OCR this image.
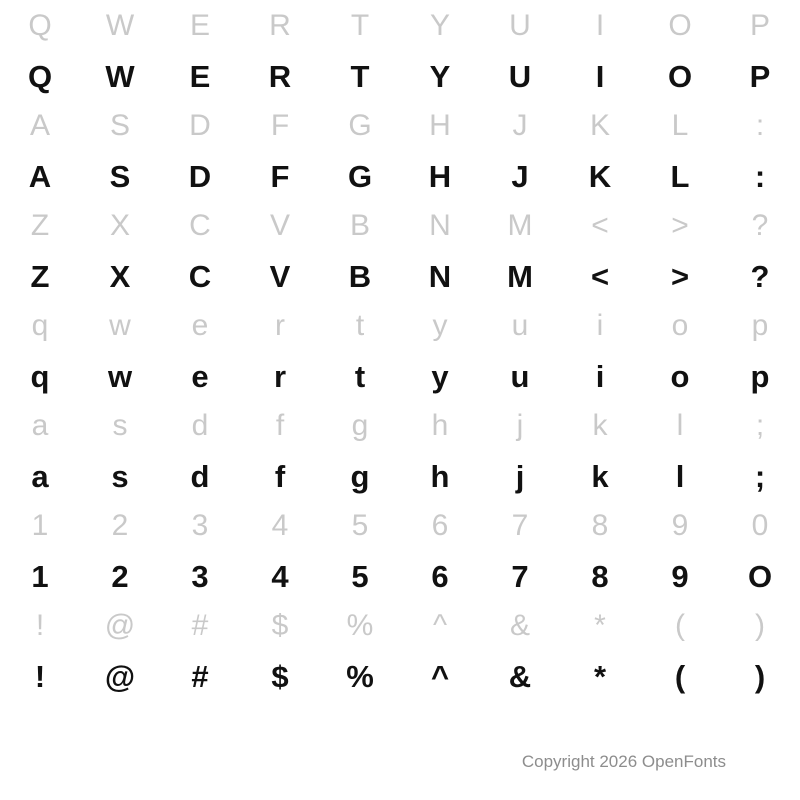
Q	W	E	R	T	Y	U	I	O	P
Q	W	E	R	T	Y	U	I	O	P
A	S	D	F	G	H	J	K	L	:
A	S	D	F	G	H	J	K	L	:
Z	X	C	V	B	N	M	<	>	?
Z	X	C	V	B	N	M	<	>	?
q	w	e	r	t	y	u	i	o	p
q	w	e	r	t	y	u	i	o	p
a	s	d	f	g	h	j	k	l	;
a	s	d	f	g	h	j	k	l	;
1	2	3	4	5	6	7	8	9	0
1	2	3	4	5	6	7	8	9	O
!	@	#	$	%	^	&	*	(	)
!	@	#	$	%	^	&	*	(	)
Copyright 2026 OpenFonts
